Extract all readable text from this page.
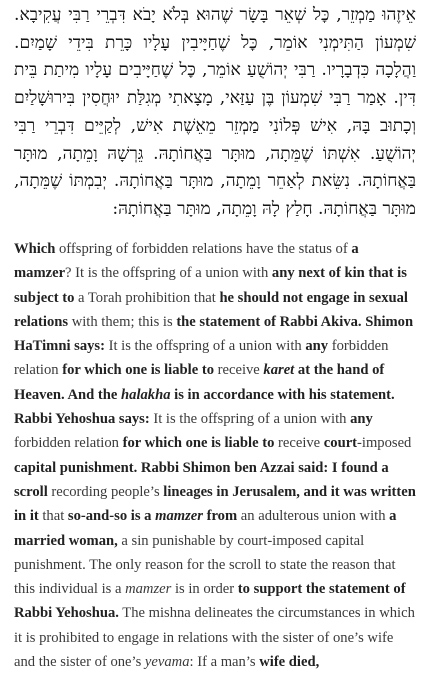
אֵיזֶהוּ מַמְזֵר, כׇּל שְׁאֵר בָּשָׂר שֶׁהוּא בְּלֹא יָבֹא דִּבְרֵי רַבִּי עֲקִיבָא. שִׁמְעוֹן הַתִּימְנִי אוֹמֵר, כׇּל שֶׁחַיָּיבִין עָלָיו כָּרֵת בִּידֵי שָׁמַיִם. וַהֲלָכָה כִּדְבָרָיו. רַבִּי יְהוֹשֻׁעַ אוֹמֵר, כׇּל שֶׁחַיָּיבִים עָלָיו מִיתַת בֵּית דִּין. אָמַר רַבִּי שִׁמְעוֹן בֶּן עַזַּאי, מָצָאתִי מְגִלַּת יוּחֲסִין בִּירוּשָׁלַיִם וְכָתוּב בָּהּ, אִישׁ פְּלוֹנִי מַמְזֵר מֵאֵשֶׁת אִישׁ, לְקַיֵּים דִּבְרֵי רַבִּי יְהוֹשֻׁעַ. אִשְׁתּוֹ שֶׁמֵּתָה, מוּתָּר בַּאֲחוֹתָהּ. גֵּרְשָׁהּ וָמֵתָה, מוּתָּר בַּאֲחוֹתָהּ. נִשֵּׂאת לְאַחֵר וָמֵתָה, מוּתָּר בַּאֲחוֹתָהּ. יְבִמְתּוֹ שֶׁמֵּתָה, מוּתָּר בַּאֲחוֹתָהּ. חָלַץ לָהּ וָמֵתָה, מוּתָּר בַּאֲחוֹתָהּ:

Which offspring of forbidden relations have the status of a mamzer? It is the offspring of a union with any next of kin that is subject to a Torah prohibition that he should not engage in sexual relations with them; this is the statement of Rabbi Akiva. Shimon HaTimni says: It is the offspring of a union with any forbidden relation for which one is liable to receive karet at the hand of Heaven. And the halakha is in accordance with his statement. Rabbi Yehoshua says: It is the offspring of a union with any forbidden relation for which one is liable to receive court-imposed capital punishment. Rabbi Shimon ben Azzai said: I found a scroll recording people’s lineages in Jerusalem, and it was written in it that so-and-so is a mamzer from an adulterous union with a married woman, a sin punishable by court-imposed capital punishment. The only reason for the scroll to state the reason that this individual is a mamzer is in order to support the statement of Rabbi Yehoshua. The mishna delineates the circumstances in which it is prohibited to engage in relations with the sister of one’s wife and the sister of one’s yevama: If a man’s wife died,
